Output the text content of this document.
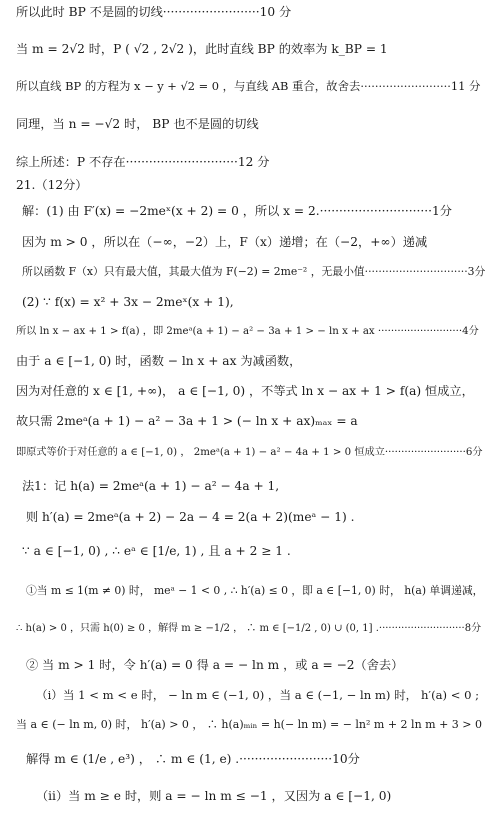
所以此时 BP 不是圆的切线·························10 分
当 m = 2√2 时，P ( √2 , 2√2 )，此时直线 BP 的效率为 k_BP = 1
所以直线 BP 的方程为 x − y + √2 = 0 ，与直线 AB 重合，故舍去·························11 分
同理，当 n = −√2 时， BP 也不是圆的切线
综上所述：P 不存在·····························12 分
21.（12分）
解：(1) 由 F′(x) = −2meˣ(x + 2) = 0 ，所以 x = 2.·····························1分
因为 m > 0 ，所以在（−∞，−2）上，F（x）递增；在（−2，+∞）递减
所以函数 F（x）只有最大值，其最大值为 F(−2) = 2me⁻² ，无最小值······························3分
(2) ∵ f(x) = x² + 3x − 2meˣ(x + 1),
所以 ln x − ax + 1 > f(a) ，即 2meᵃ(a + 1) − a² − 3a + 1 > − ln x + ax ··························4分
由于 a ∈ [−1, 0) 时，函数 − ln x + ax 为减函数，
因为对任意的 x ∈ [1, +∞)， a ∈ [−1, 0) ，不等式 ln x − ax + 1 > f(a) 恒成立，
故只需 2meᵃ(a + 1) − a² − 3a + 1 > (− ln x + ax)ₘₐₓ = a
即原式等价于对任意的 a ∈ [−1, 0) ， 2meᵃ(a + 1) − a² − 4a + 1 > 0 恒成立·························6分
法1：记 h(a) = 2meᵃ(a + 1) − a² − 4a + 1,
则 h′(a) = 2meᵃ(a + 2) − 2a − 4 = 2(a + 2)(meᵃ − 1) .
∵ a ∈ [−1, 0) , ∴ eᵃ ∈ [1/e, 1) , 且 a + 2 ≥ 1 .
①当 m ≤ 1(m ≠ 0) 时， meᵃ − 1 < 0 , ∴ h′(a) ≤ 0 ，即 a ∈ [−1, 0) 时， h(a) 单调递减，
∴ h(a) > 0 ，只需 h(0) ≥ 0 ，解得 m ≥ −1/2 ， ∴ m ∈ [−1/2 , 0) ∪ (0, 1] .···························8分
② 当 m > 1 时，令 h′(a) = 0 得 a = − ln m ，或 a = −2（舍去）
（ⅰ）当 1 < m < e 时， − ln m ∈ (−1, 0) ，当 a ∈ (−1, − ln m) 时， h′(a) < 0 ;
当 a ∈ (− ln m, 0) 时， h′(a) > 0 ， ∴ h(a)ₘᵢₙ = h(− ln m) = − ln² m + 2 ln m + 3 > 0
解得 m ∈ (1/e , e³) ， ∴ m ∈ (1, e) .························10分
（ⅱ）当 m ≥ e 时，则 a = − ln m ≤ −1 ，又因为 a ∈ [−1, 0)
